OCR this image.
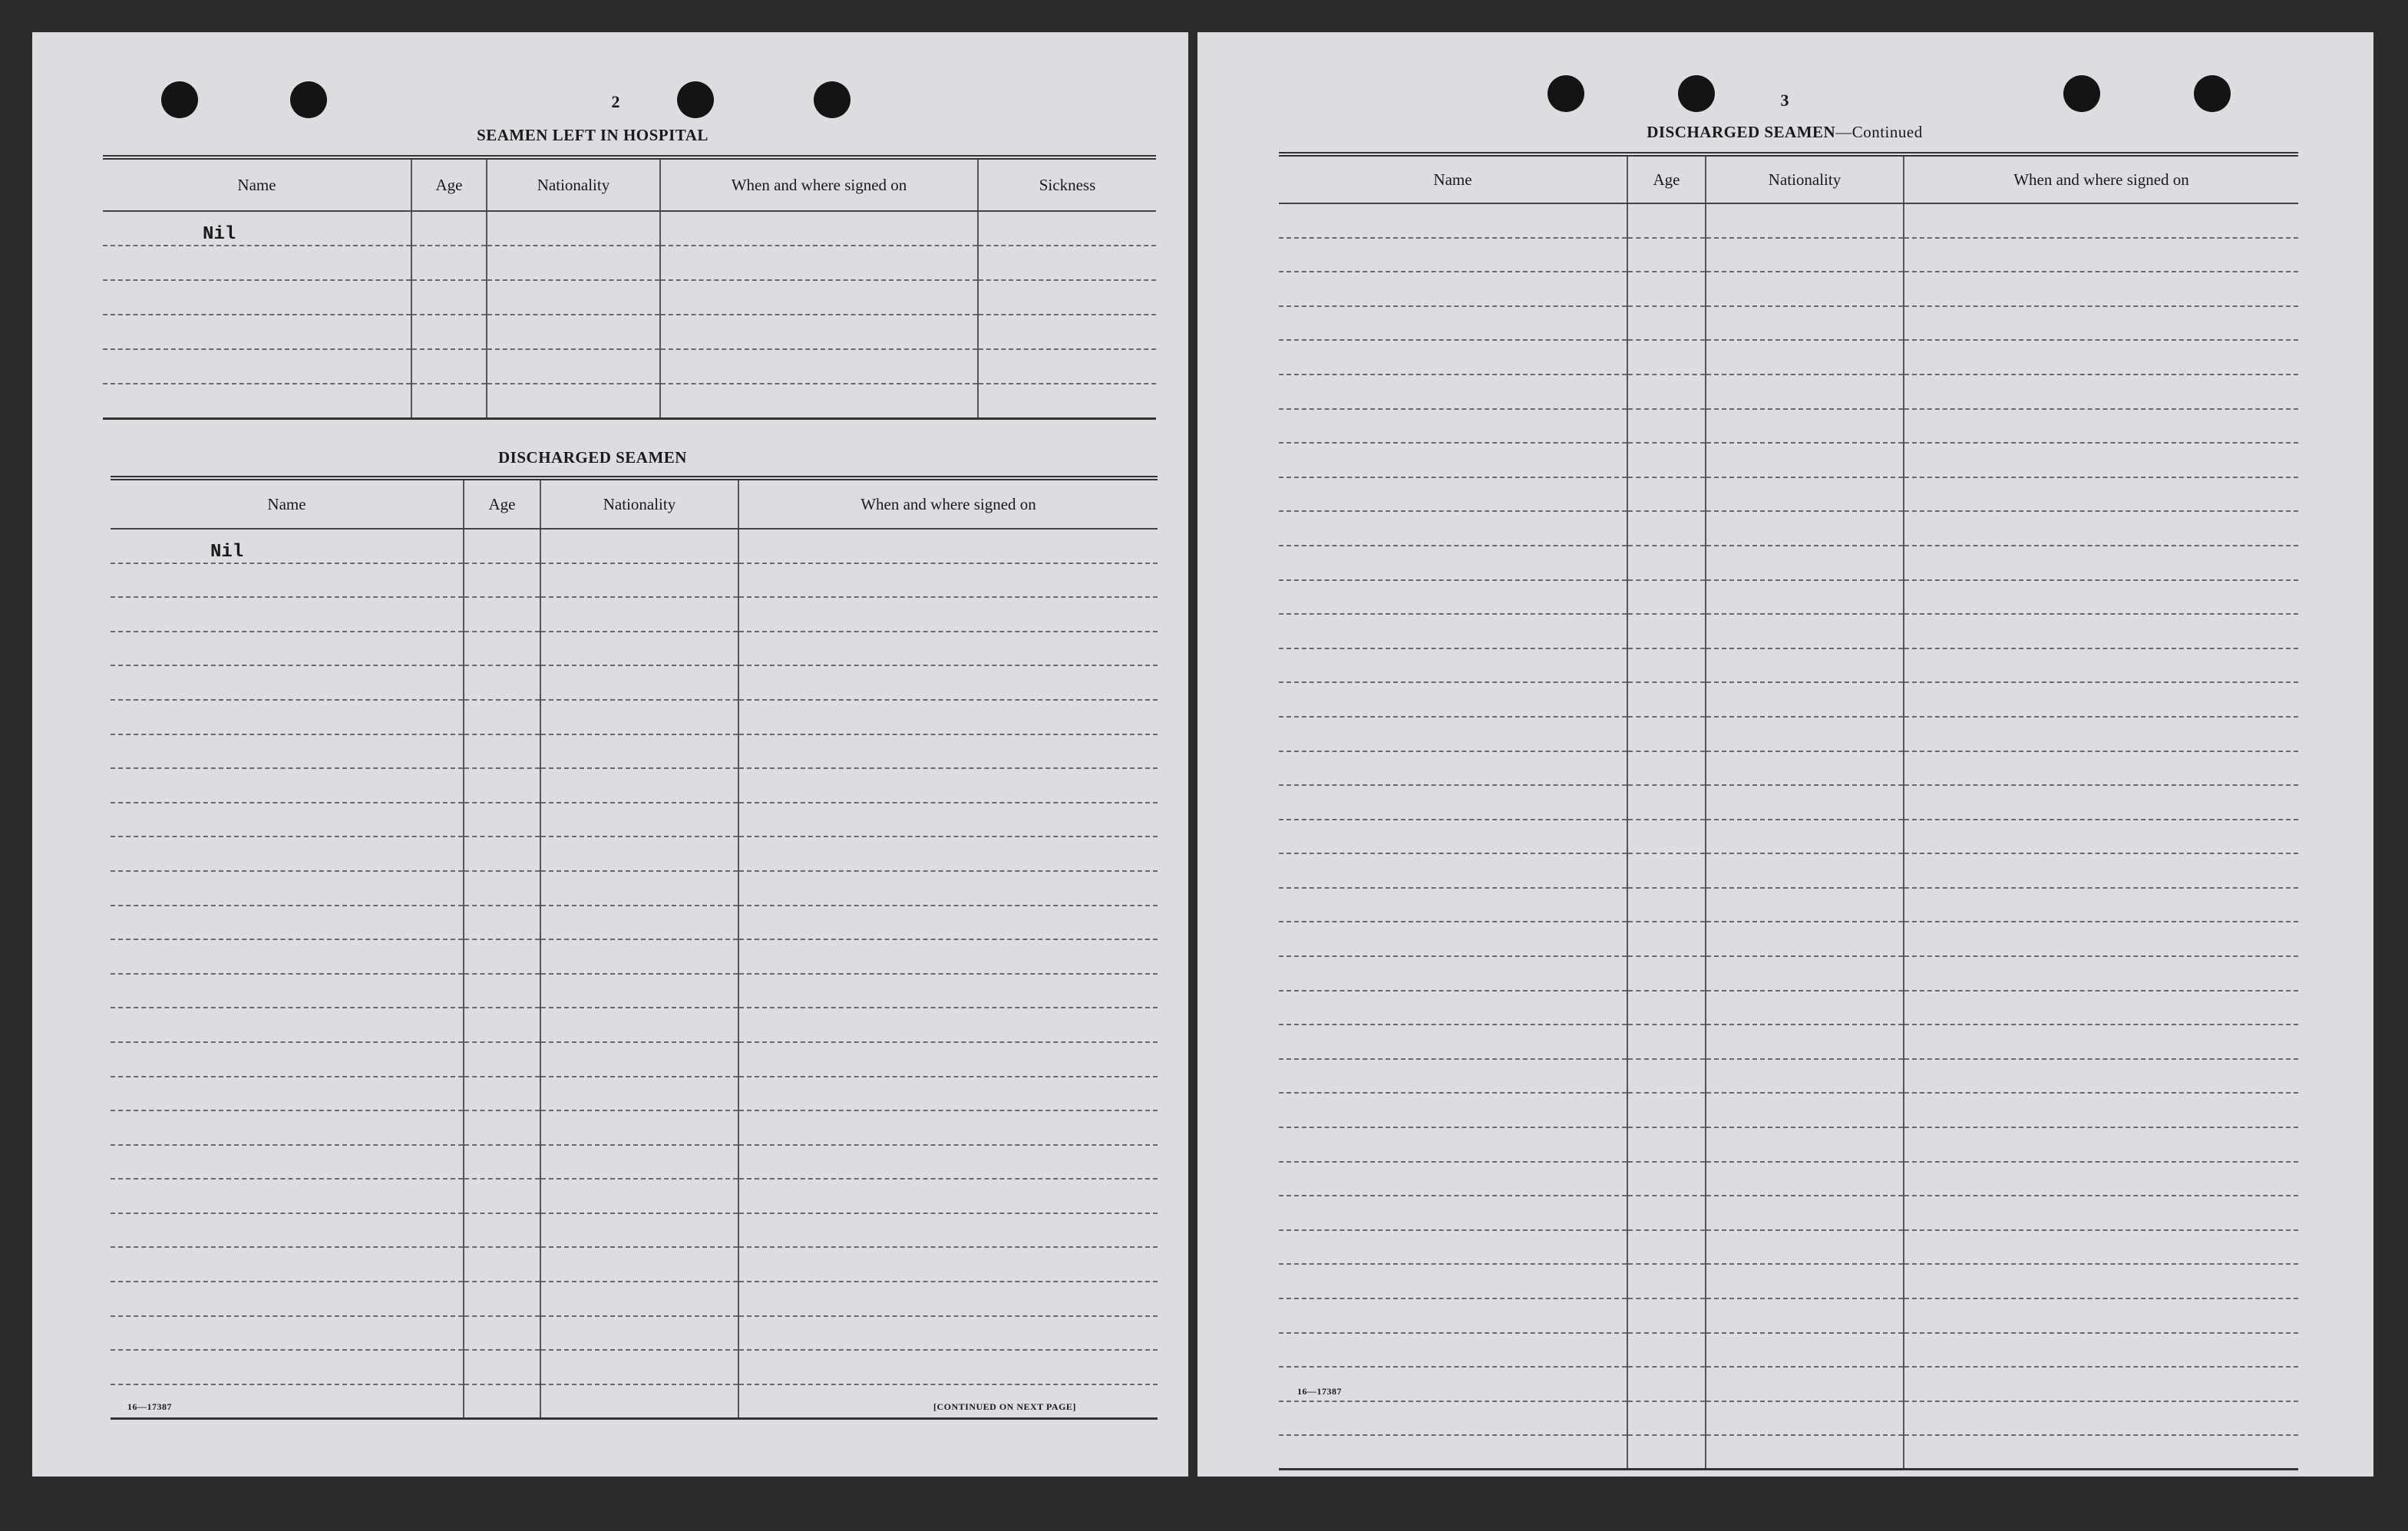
2
SEAMEN LEFT IN HOSPITAL
Name	Age	Nationality	When and where signed on	Sickness
Nil				

DISCHARGED SEAMEN
Name	Age	Nationality	When and where signed on
Nil			

16—17387	[CONTINUED ON NEXT PAGE]
3
DISCHARGED SEAMEN—Continued
Name	Age	Nationality	When and where signed on

16—17387
